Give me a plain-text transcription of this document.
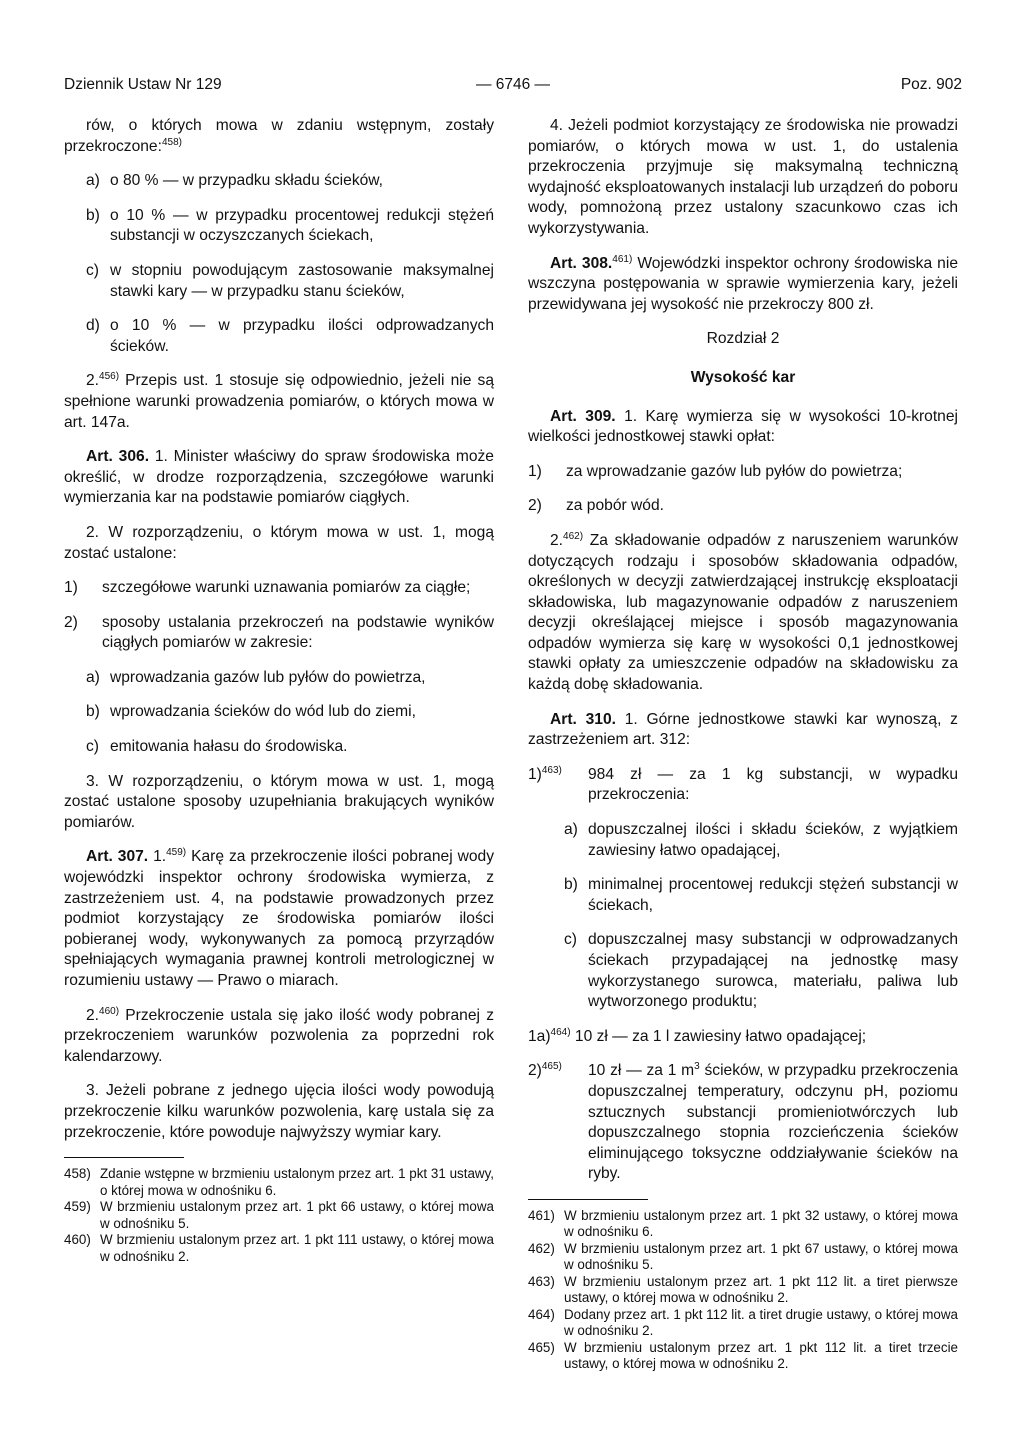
Dziennik Ustaw Nr 129	— 6746 —	Poz. 902

rów, o których mowa w zdaniu wstępnym, zostały przekroczone:$^{458)}$

a) o 80 % — w przypadku składu ścieków,
b) o 10 % — w przypadku procentowej redukcji stężeń substancji w oczyszczanych ściekach,
c) w stopniu powodującym zastosowanie maksymalnej stawki kary — w przypadku stanu ścieków,
d) o 10 % — w przypadku ilości odprowadzanych ścieków.

2.$^{456)}$ Przepis ust. 1 stosuje się odpowiednio, jeżeli nie są spełnione warunki prowadzenia pomiarów, o których mowa w art. 147a.

Art. 306. 1. Minister właściwy do spraw środowiska może określić, w drodze rozporządzenia, szczegółowe warunki wymierzania kar na podstawie pomiarów ciągłych.

2. W rozporządzeniu, o którym mowa w ust. 1, mogą zostać ustalone:

1) szczegółowe warunki uznawania pomiarów za ciągłe;
2) sposoby ustalania przekroczeń na podstawie wyników ciągłych pomiarów w zakresie:
a) wprowadzania gazów lub pyłów do powietrza,
b) wprowadzania ścieków do wód lub do ziemi,
c) emitowania hałasu do środowiska.

3. W rozporządzeniu, o którym mowa w ust. 1, mogą zostać ustalone sposoby uzupełniania brakujących wyników pomiarów.

Art. 307. 1.$^{459)}$ Karę za przekroczenie ilości pobranej wody wojewódzki inspektor ochrony środowiska wymierza, z zastrzeżeniem ust. 4, na podstawie prowadzonych przez podmiot korzystający ze środowiska pomiarów ilości pobieranej wody, wykonywanych za pomocą przyrządów spełniających wymagania prawnej kontroli metrologicznej w rozumieniu ustawy — Prawo o miarach.

2.$^{460)}$ Przekroczenie ustala się jako ilość wody pobranej z przekroczeniem warunków pozwolenia za poprzedni rok kalendarzowy.

3. Jeżeli pobrane z jednego ujęcia ilości wody powodują przekroczenie kilku warunków pozwolenia, karę ustala się za przekroczenie, które powoduje najwyższy wymiar kary.

458) Zdanie wstępne w brzmieniu ustalonym przez art. 1 pkt 31 ustawy, o której mowa w odnośniku 6.

459) W brzmieniu ustalonym przez art. 1 pkt 66 ustawy, o której mowa w odnośniku 5.

460) W brzmieniu ustalonym przez art. 1 pkt 111 ustawy, o której mowa w odnośniku 2.

4. Jeżeli podmiot korzystający ze środowiska nie prowadzi pomiarów, o których mowa w ust. 1, do ustalenia przekroczenia przyjmuje się maksymalną techniczną wydajność eksploatowanych instalacji lub urządzeń do poboru wody, pomnożoną przez ustalony szacunkowo czas ich wykorzystywania.

Art. 308.$^{461)}$ Wojewódzki inspektor ochrony środowiska nie wszczyna postępowania w sprawie wymierzenia kary, jeżeli przewidywana jej wysokość nie przekroczy 800 zł.

Rozdział 2

Wysokość kar

Art. 309. 1. Karę wymierza się w wysokości 10-krotnej wielkości jednostkowej stawki opłat:

1) za wprowadzanie gazów lub pyłów do powietrza;
2) za pobór wód.

2.$^{462)}$ Za składowanie odpadów z naruszeniem warunków dotyczących rodzaju i sposobów składowania odpadów, określonych w decyzji zatwierdzającej instrukcję eksploatacji składowiska, lub magazynowanie odpadów z naruszeniem decyzji określającej miejsce i sposób magazynowania odpadów wymierza się karę w wysokości 0,1 jednostkowej stawki opłaty za umieszczenie odpadów na składowisku za każdą dobę składowania.

Art. 310. 1. Górne jednostkowe stawki kar wynoszą, z zastrzeżeniem art. 312:

1)$^{463)}$ 984 zł — za 1 kg substancji, w wypadku przekroczenia:
a) dopuszczalnej ilości i składu ścieków, z wyjątkiem zawiesiny łatwo opadającej,
b) minimalnej procentowej redukcji stężeń substancji w ściekach,
c) dopuszczalnej masy substancji w odprowadzanych ściekach przypadającej na jednostkę masy wykorzystanego surowca, materiału, paliwa lub wytworzonego produktu;
1a)$^{464)}$ 10 zł — za 1 l zawiesiny łatwo opadającej;
2)$^{465)}$ 10 zł — za 1 $m^3$ ścieków, w przypadku przekroczenia dopuszczalnej temperatury, odczynu pH, poziomu sztucznych substancji promieniotwórczych lub dopuszczalnego stopnia rozcieńczenia ścieków eliminującego toksyczne oddziaływanie ścieków na ryby.

461) W brzmieniu ustalonym przez art. 1 pkt 32 ustawy, o której mowa w odnośniku 6.

462) W brzmieniu ustalonym przez art. 1 pkt 67 ustawy, o której mowa w odnośniku 5.

463) W brzmieniu ustalonym przez art. 1 pkt 112 lit. a tiret pierwsze ustawy, o której mowa w odnośniku 2.

464) Dodany przez art. 1 pkt 112 lit. a tiret drugie ustawy, o której mowa w odnośniku 2.

465) W brzmieniu ustalonym przez art. 1 pkt 112 lit. a tiret trzecie ustawy, o której mowa w odnośniku 2.
